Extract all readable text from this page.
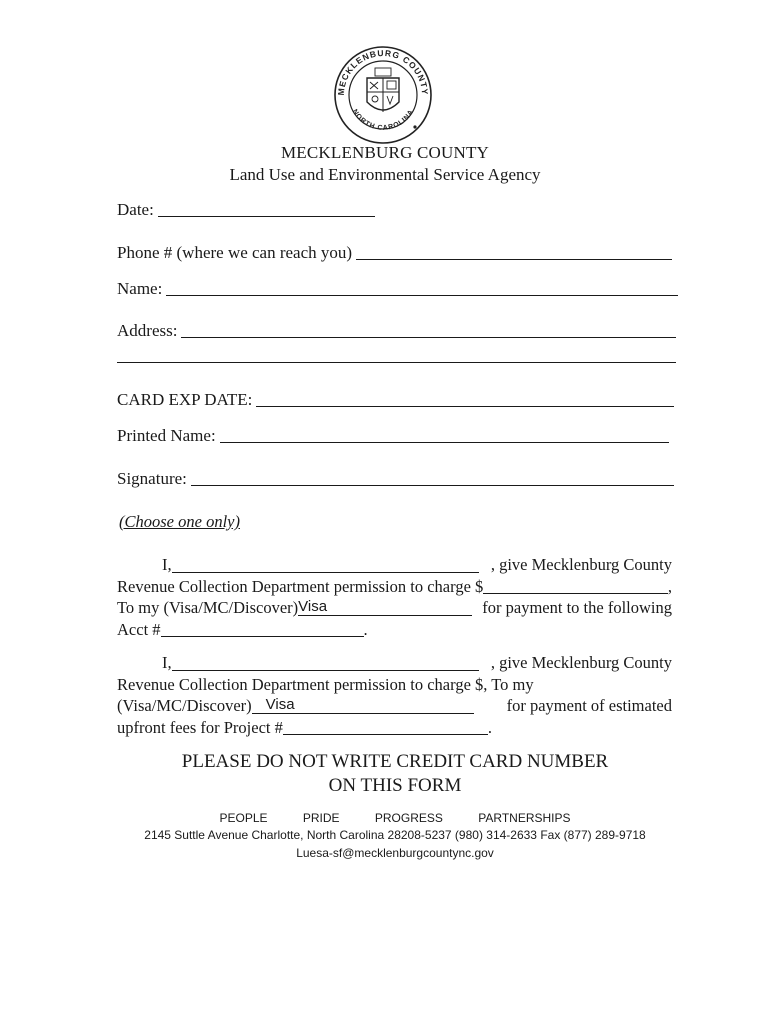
MECKLENBURG COUNTY
NORTH CAROLINA
MECKLENBURG COUNTY
Land Use and Environmental Service Agency
Date:
Phone # (where we can reach you)
Name:
Address:
CARD EXP DATE:
Printed Name:
Signature:
(Choose one only)
I,	, give Mecklenburg County
Revenue Collection Department permission to charge $	,
To my (Visa/MC/Discover) Visa	for payment to the following
Acct #	.
I,	, give Mecklenburg County
Revenue Collection Department permission to charge $, To my
(Visa/MC/Discover) Visa	for payment of estimated
upfront fees for Project #	.
PLEASE DO NOT WRITE CREDIT CARD NUMBER
ON THIS FORM
PEOPLE	PRIDE	PROGRESS	PARTNERSHIPS
2145 Suttle Avenue Charlotte, North Carolina 28208-5237 (980) 314-2633 Fax (877) 289-9718
Luesa-sf@mecklenburgcountync.gov
